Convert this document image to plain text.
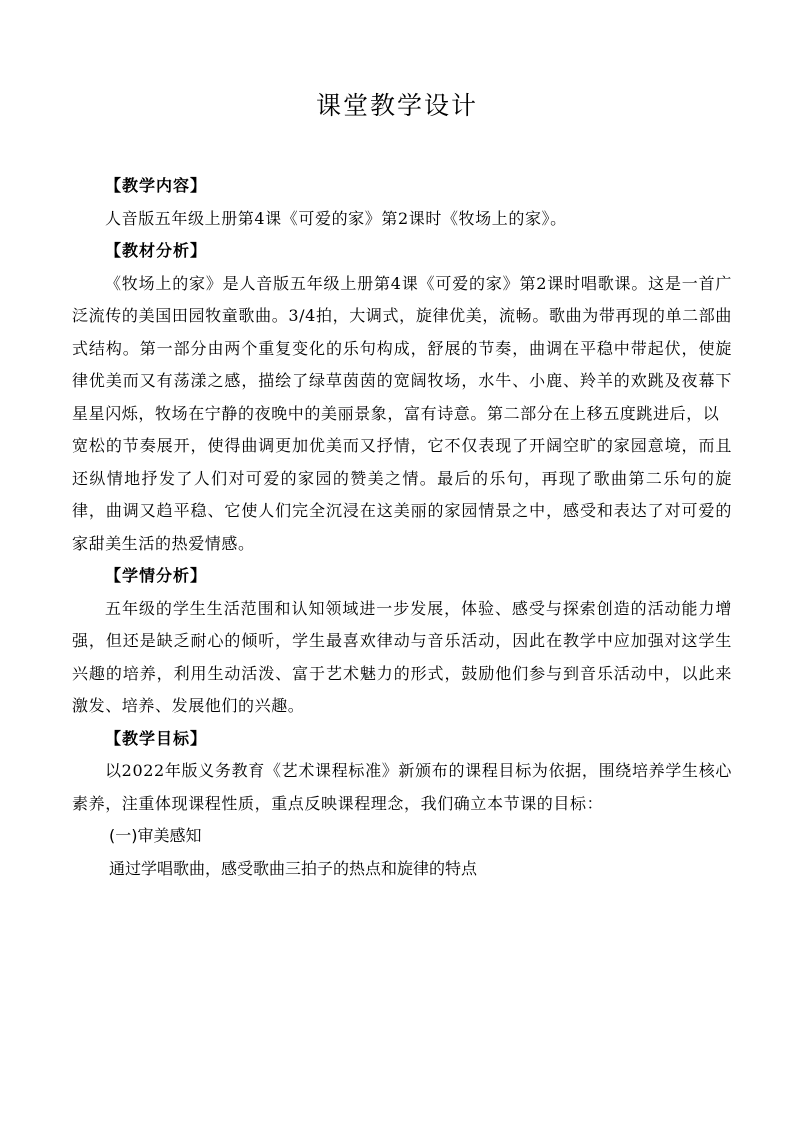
课堂教学设计

【教学内容】

人音版五年级上册第4课《可爱的家》第2课时《牧场上的家》。

【教材分析】

《牧场上的家》是人音版五年级上册第4课《可爱的家》第2课时唱歌课。这是一首广泛流传的美国田园牧童歌曲。3/4拍，大调式，旋律优美，流畅。歌曲为带再现的单二部曲式结构。第一部分由两个重复变化的乐句构成，舒展的节奏，曲调在平稳中带起伏，使旋律优美而又有荡漾之感，描绘了绿草茵茵的宽阔牧场，水牛、小鹿、羚羊的欢跳及夜幕下星星闪烁，牧场在宁静的夜晚中的美丽景象，富有诗意。第二部分在上移五度跳进后，以

宽松的节奏展开，使得曲调更加优美而又抒情，它不仅表现了开阔空旷的家园意境，而且还纵情地抒发了人们对可爱的家园的赞美之情。最后的乐句，再现了歌曲第二乐句的旋律，曲调又趋平稳、它使人们完全沉浸在这美丽的家园情景之中，感受和表达了对可爱的家甜美生活的热爱情感。

【学情分析】

五年级的学生生活范围和认知领域进一步发展，体验、感受与探索创造的活动能力增强，但还是缺乏耐心的倾听，学生最喜欢律动与音乐活动，因此在教学中应加强对这学生兴趣的培养，利用生动活泼、富于艺术魅力的形式，鼓励他们参与到音乐活动中，以此来激发、培养、发展他们的兴趣。

【教学目标】

以2022年版义务教育《艺术课程标准》新颁布的课程目标为依据，围绕培养学生核心素养，注重体现课程性质，重点反映课程理念，我们确立本节课的目标：

(一)审美感知

通过学唱歌曲，感受歌曲三拍子的热点和旋律的特点
